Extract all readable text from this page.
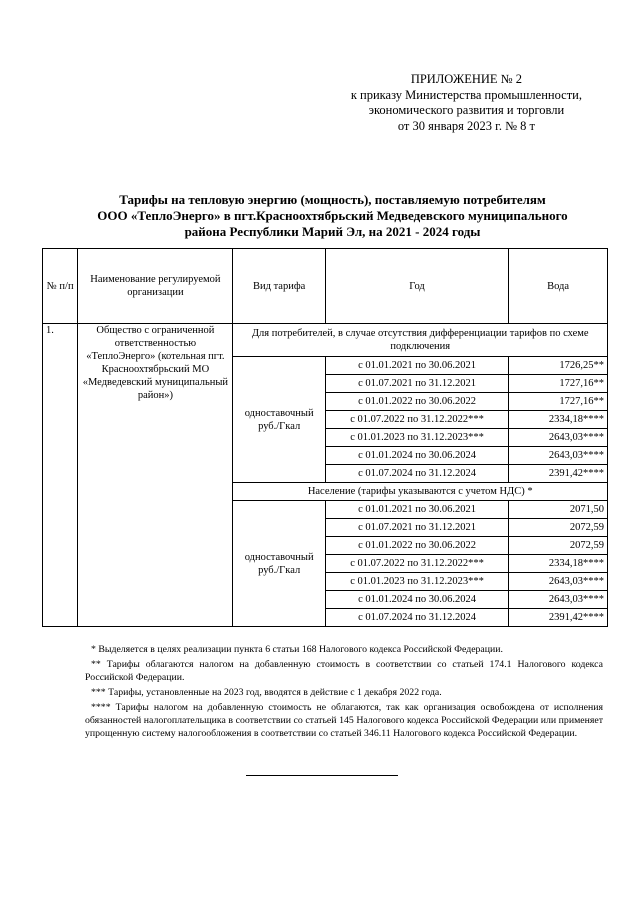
ПРИЛОЖЕНИЕ № 2
к приказу Министерства промышленности,
экономического развития и торговли
от 30 января 2023 г. № 8 т
Тарифы на тепловую энергию (мощность), поставляемую потребителям
ООО «ТеплоЭнерго» в пгт.Красноохтябрьский Медведевского муниципального
района Республики Марий Эл, на 2021 - 2024 годы
№ п/п	Наименование регулируемой организации	Вид тарифа	Год	Вода
1.	Общество с ограниченной ответственностью «ТеплоЭнерго» (котельная пгт. Красноохтябрьский МО «Медведевский муниципальный район»)	Для потребителей, в случае отсутствия дифференциации тарифов по схеме подключения		
		одноставочный руб./Гкал	с 01.01.2021 по 30.06.2021	1726,25**
			с 01.07.2021 по 31.12.2021	1727,16**
			с 01.01.2022 по 30.06.2022	1727,16**
			с 01.07.2022 по 31.12.2022***	2334,18****
			с 01.01.2023 по 31.12.2023***	2643,03****
			с 01.01.2024 по 30.06.2024	2643,03****
			с 01.07.2024 по 31.12.2024	2391,42****
		Население (тарифы указываются с учетом НДС) *		
		одноставочный руб./Гкал	с 01.01.2021 по 30.06.2021	2071,50
			с 01.07.2021 по 31.12.2021	2072,59
			с 01.01.2022 по 30.06.2022	2072,59
			с 01.07.2022 по 31.12.2022***	2334,18****
			с 01.01.2023 по 31.12.2023***	2643,03****
			с 01.01.2024 по 30.06.2024	2643,03****
			с 01.07.2024 по 31.12.2024	2391,42****

* Выделяется в целях реализации пункта 6 статьи 168 Налогового кодекса Российской Федерации.

** Тарифы облагаются налогом на добавленную стоимость в соответствии со статьей 174.1 Налогового кодекса Российской Федерации.

*** Тарифы, установленные на 2023 год, вводятся в действие с 1 декабря 2022 года.

**** Тарифы налогом на добавленную стоимость не облагаются, так как организация освобождена от исполнения обязанностей налогоплательщика в соответствии со статьей 145 Налогового кодекса Российской Федерации или применяет упрощенную систему налогообложения в соответствии со статьей 346.11 Налогового кодекса Российской Федерации.
